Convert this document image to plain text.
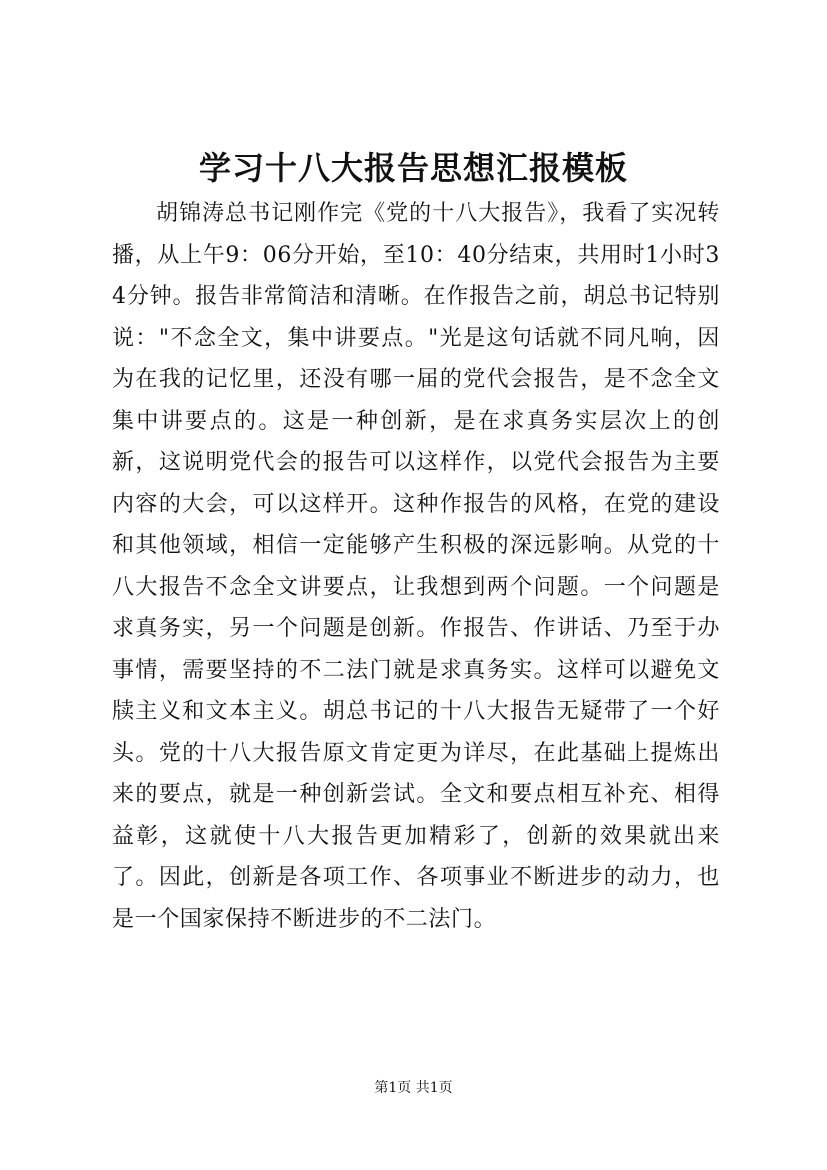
学习十八大报告思想汇报模板

胡锦涛总书记刚作完《党的十八大报告》，我看了实况转播，从上午9：06分开始，至10：40分结束，共用时1小时34分钟。报告非常简洁和清晰。在作报告之前，胡总书记特别说："不念全文，集中讲要点。"光是这句话就不同凡响，因为在我的记忆里，还没有哪一届的党代会报告，是不念全文集中讲要点的。这是一种创新，是在求真务实层次上的创新，这说明党代会的报告可以这样作，以党代会报告为主要内容的大会，可以这样开。这种作报告的风格，在党的建设和其他领域，相信一定能够产生积极的深远影响。从党的十八大报告不念全文讲要点，让我想到两个问题。一个问题是求真务实，另一个问题是创新。作报告、作讲话、乃至于办事情，需要坚持的不二法门就是求真务实。这样可以避免文牍主义和文本主义。胡总书记的十八大报告无疑带了一个好头。党的十八大报告原文肯定更为详尽，在此基础上提炼出来的要点，就是一种创新尝试。全文和要点相互补充、相得益彰，这就使十八大报告更加精彩了，创新的效果就出来了。因此，创新是各项工作、各项事业不断进步的动力，也是一个国家保持不断进步的不二法门。

第1页 共1页
